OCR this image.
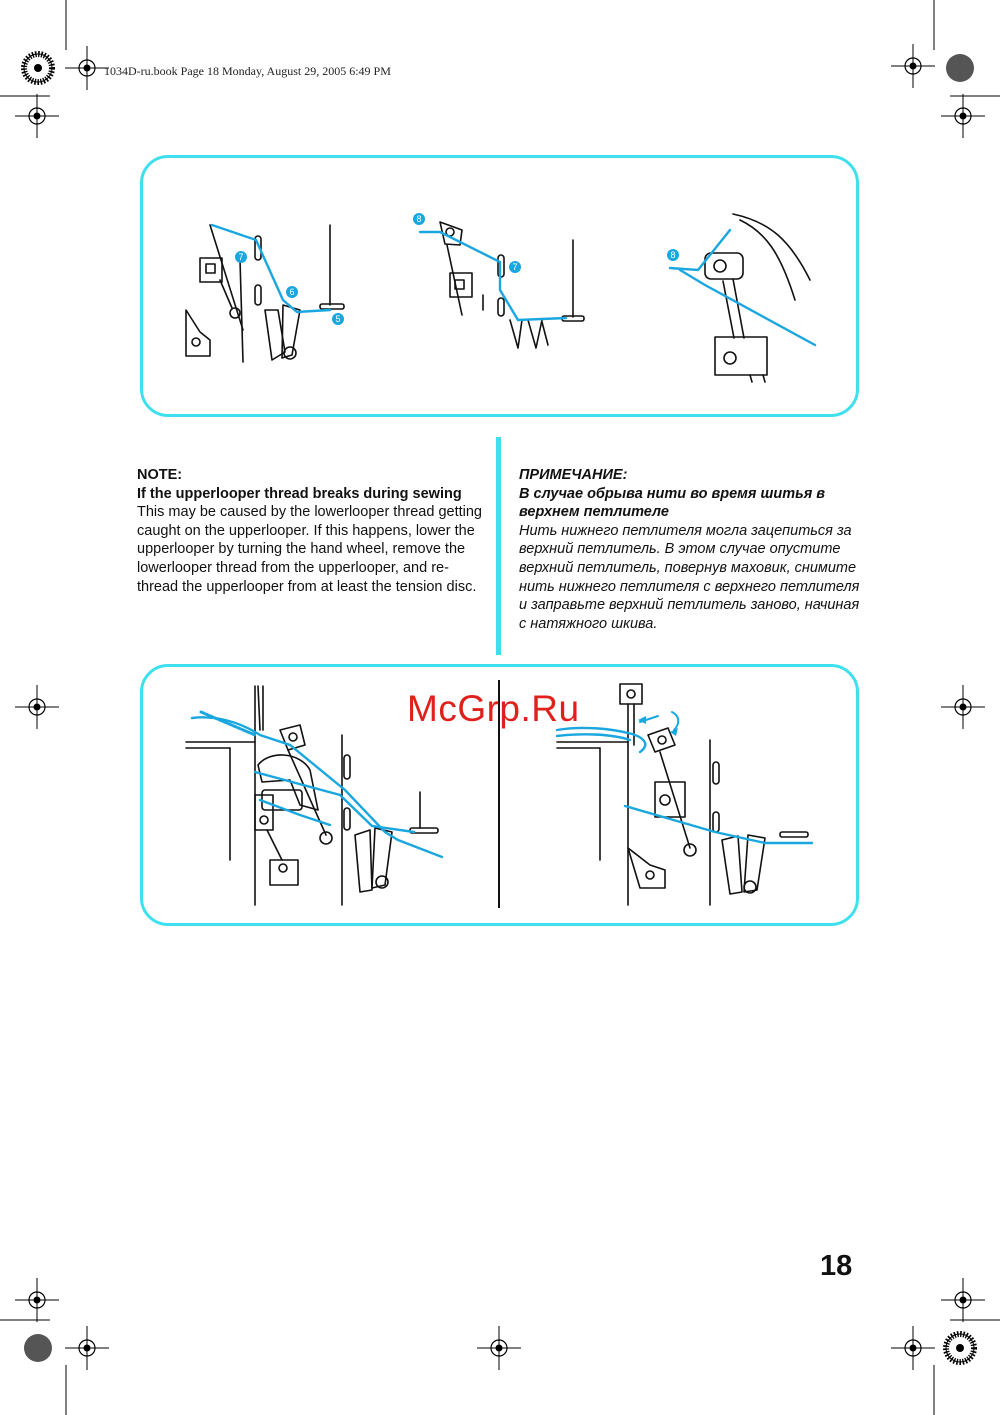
1034D-ru.book Page 18 Monday, August 29, 2005 6:49 PM
7
6
5
8
7
8
NOTE:
If the upperlooper thread breaks during sewing
This may be caused by the lowerlooper thread getting caught on the upperlooper. If this happens, lower the upperlooper by turning the hand wheel, remove the lowerlooper thread from the upperlooper, and re-thread the upperlooper from at least the tension disc.
ПРИМЕЧАНИЕ:
В случае обрыва нити во время шитья в верхнем петлителе
Нить нижнего петлителя могла зацепиться за верхний петлитель. В этом случае опустите верхний петлитель, повернув маховик, снимите нить нижнего петлителя с верхнего петлителя и заправьте верхний петлитель заново, начиная с натяжного шкива.
McGrp.Ru
18
